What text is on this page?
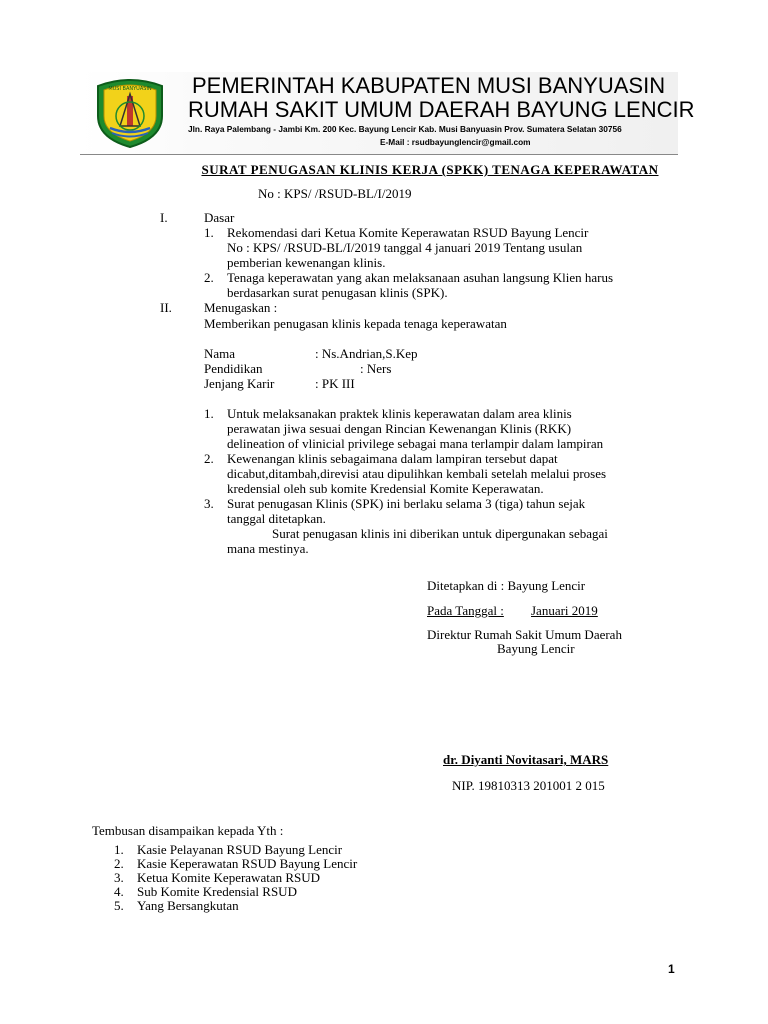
MUSI BANYUASIN PEMERINTAH KABUPATEN MUSI BANYUASIN
RUMAH SAKIT UMUM DAERAH BAYUNG LENCIR
Jln. Raya Palembang - Jambi Km. 200 Kec. Bayung Lencir Kab. Musi Banyuasin Prov. Sumatera Selatan 30756
E-Mail : rsudbayunglencir@gmail.com
SURAT PENUGASAN KLINIS KERJA (SPKK) TENAGA KEPERAWATAN
No : KPS/ /RSUD-BL/I/2019
I.	Dasar
1. Rekomendasi dari Ketua Komite Keperawatan RSUD Bayung Lencir
No : KPS/ /RSUD-BL/I/2019 tanggal 4 januari 2019 Tentang usulan
pemberian kewenangan klinis.
2. Tenaga keperawatan yang akan melaksanaan asuhan langsung Klien harus
berdasarkan surat penugasan klinis (SPK).
II. Menugaskan :
Memberikan penugasan klinis kepada tenaga keperawatan
Nama	: Ns.Andrian,S.Kep
Pendidikan	: Ners
Jenjang Karir	: PK III
1. Untuk melaksanakan praktek klinis keperawatan dalam area klinis
perawatan jiwa sesuai dengan Rincian Kewenangan Klinis (RKK)
delineation of vlinicial privilege sebagai mana terlampir dalam lampiran
2. Kewenangan klinis sebagaimana dalam lampiran tersebut dapat
dicabut,ditambah,direvisi atau dipulihkan kembali setelah melalui proses
kredensial oleh sub komite Kredensial Komite Keperawatan.
3. Surat penugasan Klinis (SPK) ini berlaku selama 3 (tiga) tahun sejak
tanggal ditetapkan.
Surat penugasan klinis ini diberikan untuk dipergunakan sebagai
mana mestinya.
Ditetapkan di : Bayung Lencir
Pada Tanggal : Januari 2019
Direktur Rumah Sakit Umum Daerah
Bayung Lencir
dr. Diyanti Novitasari, MARS
NIP. 19810313 201001 2 015
Tembusan disampaikan kepada Yth :
1. Kasie Pelayanan RSUD Bayung Lencir
2. Kasie Keperawatan RSUD Bayung Lencir
3. Ketua Komite Keperawatan RSUD
4. Sub Komite Kredensial RSUD
5. Yang Bersangkutan
1
